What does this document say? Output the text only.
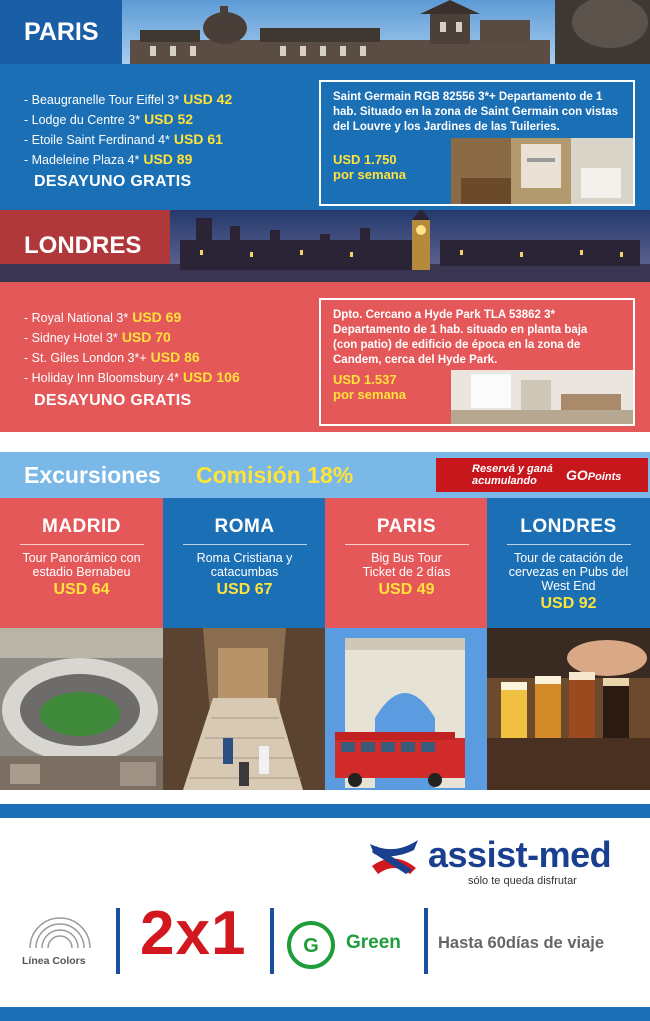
PARIS
- Beaugranelle Tour Eiffel 3* USD 42
- Lodge du Centre 3* USD 52
- Etoile Saint Ferdinand 4* USD 61
- Madeleine Plaza 4* USD 89
DESAYUNO GRATIS
Saint Germain RGB 82556 3*+ Departamento de 1 hab. Situado en la zona de Saint Germain con vistas del Louvre y los Jardines de las Tuileries.
USD 1.750
por semana
LONDRES
- Royal National 3* USD 69
- Sidney Hotel 3* USD 70
- St. Giles London 3*+ USD 86
- Holiday Inn Bloomsbury 4* USD 106
DESAYUNO GRATIS
Dpto. Cercano a Hyde Park TLA 53862 3* Departamento de 1 hab. situado en planta baja (con patio) de edificio de época en la zona de Candem, cerca del Hyde Park.
USD 1.537
por semana
Excursiones Comisión 18%	Reservá y ganá
acumulando	GOPoints
MADRID
Tour Panorámico con estadio Bernabeu
USD 64
ROMA
Roma Cristiana y catacumbas
USD 67
PARIS
Big Bus Tour Ticket de 2 días
USD 49
LONDRES
Tour de catación de cervezas en Pubs del West End
USD 92
assist-med
sólo te queda disfrutar
Línea Colors 2x1	G Green Hasta 60días de viaje
